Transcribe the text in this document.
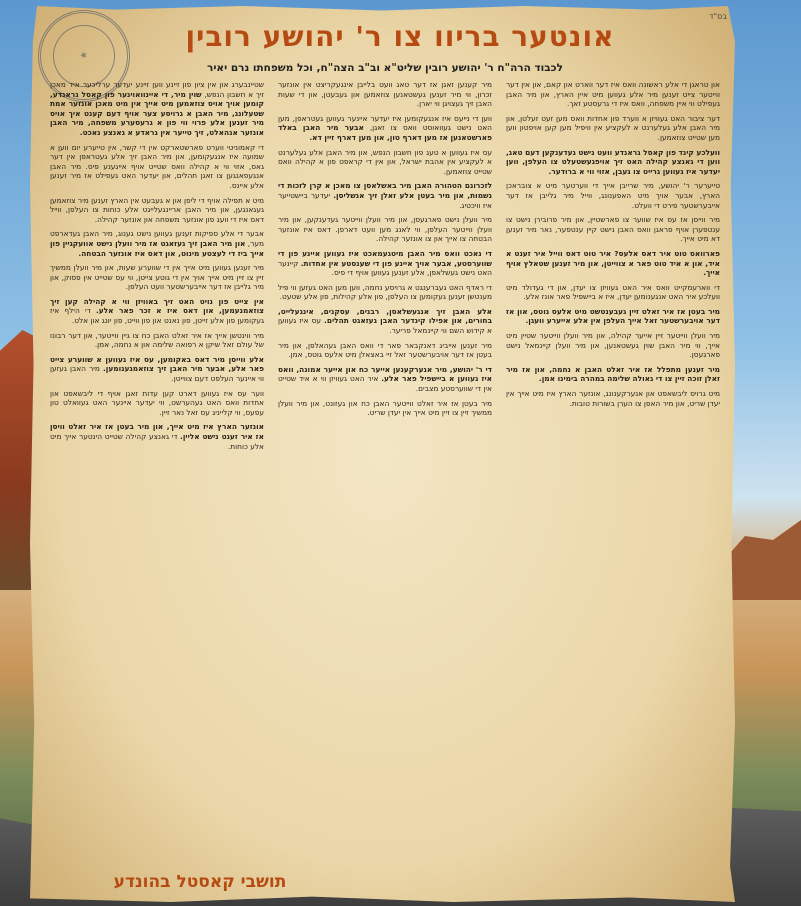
★
בס"ד
אונטער בריוו צו ר' יהושע רובין
לכבוד הרה"ח ר' יהושע רובין שליט"א וב"ב הצה"ח, וכל משפחתו נרם יאיר

שטיינבערג און אין ציון פון זיינע ווען זיינע יעדער ערליכער איד מאכן זיך א חשבון הנפש, שוין מיר, די איינוואוינער פון קאסל גראנדע, קומען אויך אויס צוזאמען מיט אייך אין מיט מאכן אונזער אמת שטעלונג, מיר האבן א גרויסע צער אויף דעם קענט איך אויס מיר זענען אלע פרוי ווי פון א גרעסערע משפחה, מיר האבן אונזער אנהאלט, זיך טייער אין גראדע א גאנצע נאכט.

די קאמוניטי ווערט פארשטארקט אין די קשר, אין טייערע יום ווען א שמועה איז אנגעקומען, און מיר האבן זיך אלע געטראפן אין דער גאס, אזוי ווי א קהילה וואס שטייט אויף אייגענע פיס. מיר האבן אנגעפאנגען צו זאגן תהלים, און יעדער האט געפילט אז מיר זענען אלע איינס.

מיט א תפילה אויף די ליפן און א געבעט אין הארץ זענען מיר צוזאמען געגאנגען, און מיר האבן אריינגעלייגט אלע כוחות צו העלפן, ווייל דאס איז די וועג פון אונזער משפחה און אונזער קהילה.

אבער די אלע ספיקות זענען געווען נישט גענוג, מיר האבן געדארפט מער, און מיר האבן זיך געזאגט אז מיר וועלן נישט אוועקגיין פון אייך ביז די לעצטע מינוט, און דאס איז אונזער הבטחה.

מיר זענען געווען מיט אייך אין די שווערע שעות, און מיר וועלן ממשיך זיין צו זיין מיט אייך אויך אין די גוטע צייטן, ווי עס שטייט אין פסוק, און מיר גלייבן אז דער אייבערשטער וועט העלפן.

אין צייט פון נויט האט זיך באוויזן ווי א קהילה קען זיך צוזאמנעמען, און דאס איז א זכר פאר אלע. די הילף איז געקומען פון אלע זייטן, פון נאנט און פון ווייט, פון יונג און אלט.

מיר ווינטשן אייך אז איר זאלט האבן כח צו גיין ווייטער, און דער רבונו של עולם זאל שיקן א רפואה שלימה און א נחמה, אמן.

אלע ווייסן מיר דאס באקומען, עס איז געווען א שווערע צייט פאר אלע, אבער מיר האבן זיך צוזאמגענומען. מיר האבן געזען ווי איינער העלפט דעם צווייטן.

ווער עס איז געווען דארט קען עדות זאגן אויף די ליבשאפט און אחדות וואס האט געהערשט, ווי יעדער איינער האט געוואלט טון עפעס, ווי קלייניג עס זאל נאר זיין.

אונזער הארץ איז מיט אייך, און מיר בעטן אז איר זאלט וויסן אז איר זענט נישט אליין. די גאנצע קהילה שטייט הינטער אייך מיט אלע כוחות.

מיר קענען זאגן אז דער טאג וועט בלייבן אינגעקריצט אין אונזער זכרון, ווי מיר זענען געשטאנען צוזאמען און געבעטן, און די שעות האבן זיך געצויגן ווי יארן.

ווען די נייעס איז אנגעקומען איז יעדער איינער געווען געטראפן, מען האט נישט געוואוסט וואס צו זאגן, אבער מיר האבן באלד פארשטאנען אז מען דארף טון, און מען דארף זיין דא.

עס איז געווען א טעג פון חשבון הנפש, און מיר האבן אלע געלערנט א לעקציע אין אהבת ישראל, און אין די קראפט פון א קהילה וואס שטייט צוזאמען.

לזכרונם הטהורה האבן מיר באשלאסן צו מאכן א קרן לזכות די נשמות, און מיר בעטן אלע זאלן זיך אנשליסן. יעדער ביישטייער איז וויכטיג.

מיר וועלן נישט פארגעסן, און מיר וועלן ווייטער געדענקען, און מיר וועלן ווייטער העלפן, ווי לאנג מען וועט דארפן. דאס איז אונזער הבטחה צו אייך און צו אונזער קהילה.

די נאכט וואס מיר האבן מיטגעמאכט איז געווען איינע פון די שווערסטע, אבער אויך איינע פון די שענסטע אין אחדות. קיינער האט נישט געשלאפן, אלע זענען געווען אויף די פיס.

די ראדף האט געברענגט א גרויסע נחמה, ווען מען האט געזען ווי פיל מענטשן זענען געקומען צו העלפן, פון אלע קהילות, פון אלע שטעט.

אלע האבן זיך אנגעשלאסן, רבנים, עסקנים, אינגעלייט, בחורים, און אפילו קינדער האבן געזאגט תהלים. עס איז געווען א קידוש השם ווי קיינמאל פריער.

מיר זענען אייביג דאנקבאר פאר די וואס האבן געהאלפן, און מיר בעטן אז דער אויבערשטער זאל זיי באצאלן מיט אלעס גוטס, אמן.

די ר' יהושע, מיר אנערקענען אייער כח און אייער אמונה, וואס איז געווען א ביישפיל פאר אלע. איר האט געוויזן ווי א איד שטייט אין די שווערסטע מצבים.

מיר בעטן אז איר זאלט ווייטער האבן כח און געזונט, און מיר וועלן ממשיך זיין צו זיין מיט אייך אין יעדן שריט.

און טראגן די אלע ראשונה וואס איז דער ווארט און קאם, און אין דער ווייטער צייט זענען מיר אלע געווען מיט איין הארץ, און מיר האבן געפילט ווי איין משפחה, וואס איז די גרעסטע זאך.

דער ציבור האט געוויזן א ווערד פון אחדות וואס מען זעט זעלטן, און מיר האבן אלע געלערנט א לעקציע אין וויפיל מען קען אויפטון ווען מען שטייט צוזאמען.

וועלכע קינד פון קאסל גראנדע וועט נישט געדענקען דעם טאג, ווען די גאנצע קהילה האט זיך אויפגעשטעלט צו העלפן, ווען יעדער איז געווען גרייט צו געבן, אזוי ווי א ברודער.

טייערער ר' יהושע, מיר שרייבן אייך די ווערטער מיט א צובראכן הארץ, אבער אויך מיט האפענונג, ווייל מיר גלייבן אז דער אייבערשטער פירט די וועלט.

מיר ווייסן אז עס איז שווער צו פארשטיין, און מיר פרובירן נישט צו ענטפערן אויף פראגן וואס האבן נישט קיין ענטפער, נאר מיר זענען דא מיט אייך.

פארוואס טוט איר דאס אלעס? איר טוט דאס ווייל איר זענט א איד, און א איד טוט פאר א צווייטן, און מיר זענען שטאלץ אויף אייך.

די ווארעמקייט וואס איר האט געוויזן צו יעדן, און די געדולד מיט וועלכע איר האט אנגענומען יעדן, איז א ביישפיל פאר אונז אלע.

מיר בעטן אז איר זאלט זיין געבענטשט מיט אלעס גוטס, און אז דער אויבערשטער זאל אייך העלפן אין אלע אייערע וועגן.

מיר וועלן ווייטער זיין אייער קהילה, און מיר וועלן ווייטער שטיין מיט אייך, ווי מיר האבן שוין געשטאנען, און מיר וועלן קיינמאל נישט פארגעסן.

מיר זענען מתפלל אז איר זאלט האבן א נחמה, און אז מיר זאלן זוכה זיין צו די גאולה שלימה במהרה בימינו אמן.

מיט גרויס ליבשאפט און אנערקענונג, אונזער הארץ איז מיט אייך אין יעדן שריט, און מיר האפן צו הערן בשורות טובות.

תושבי קאסטל בהונדע
